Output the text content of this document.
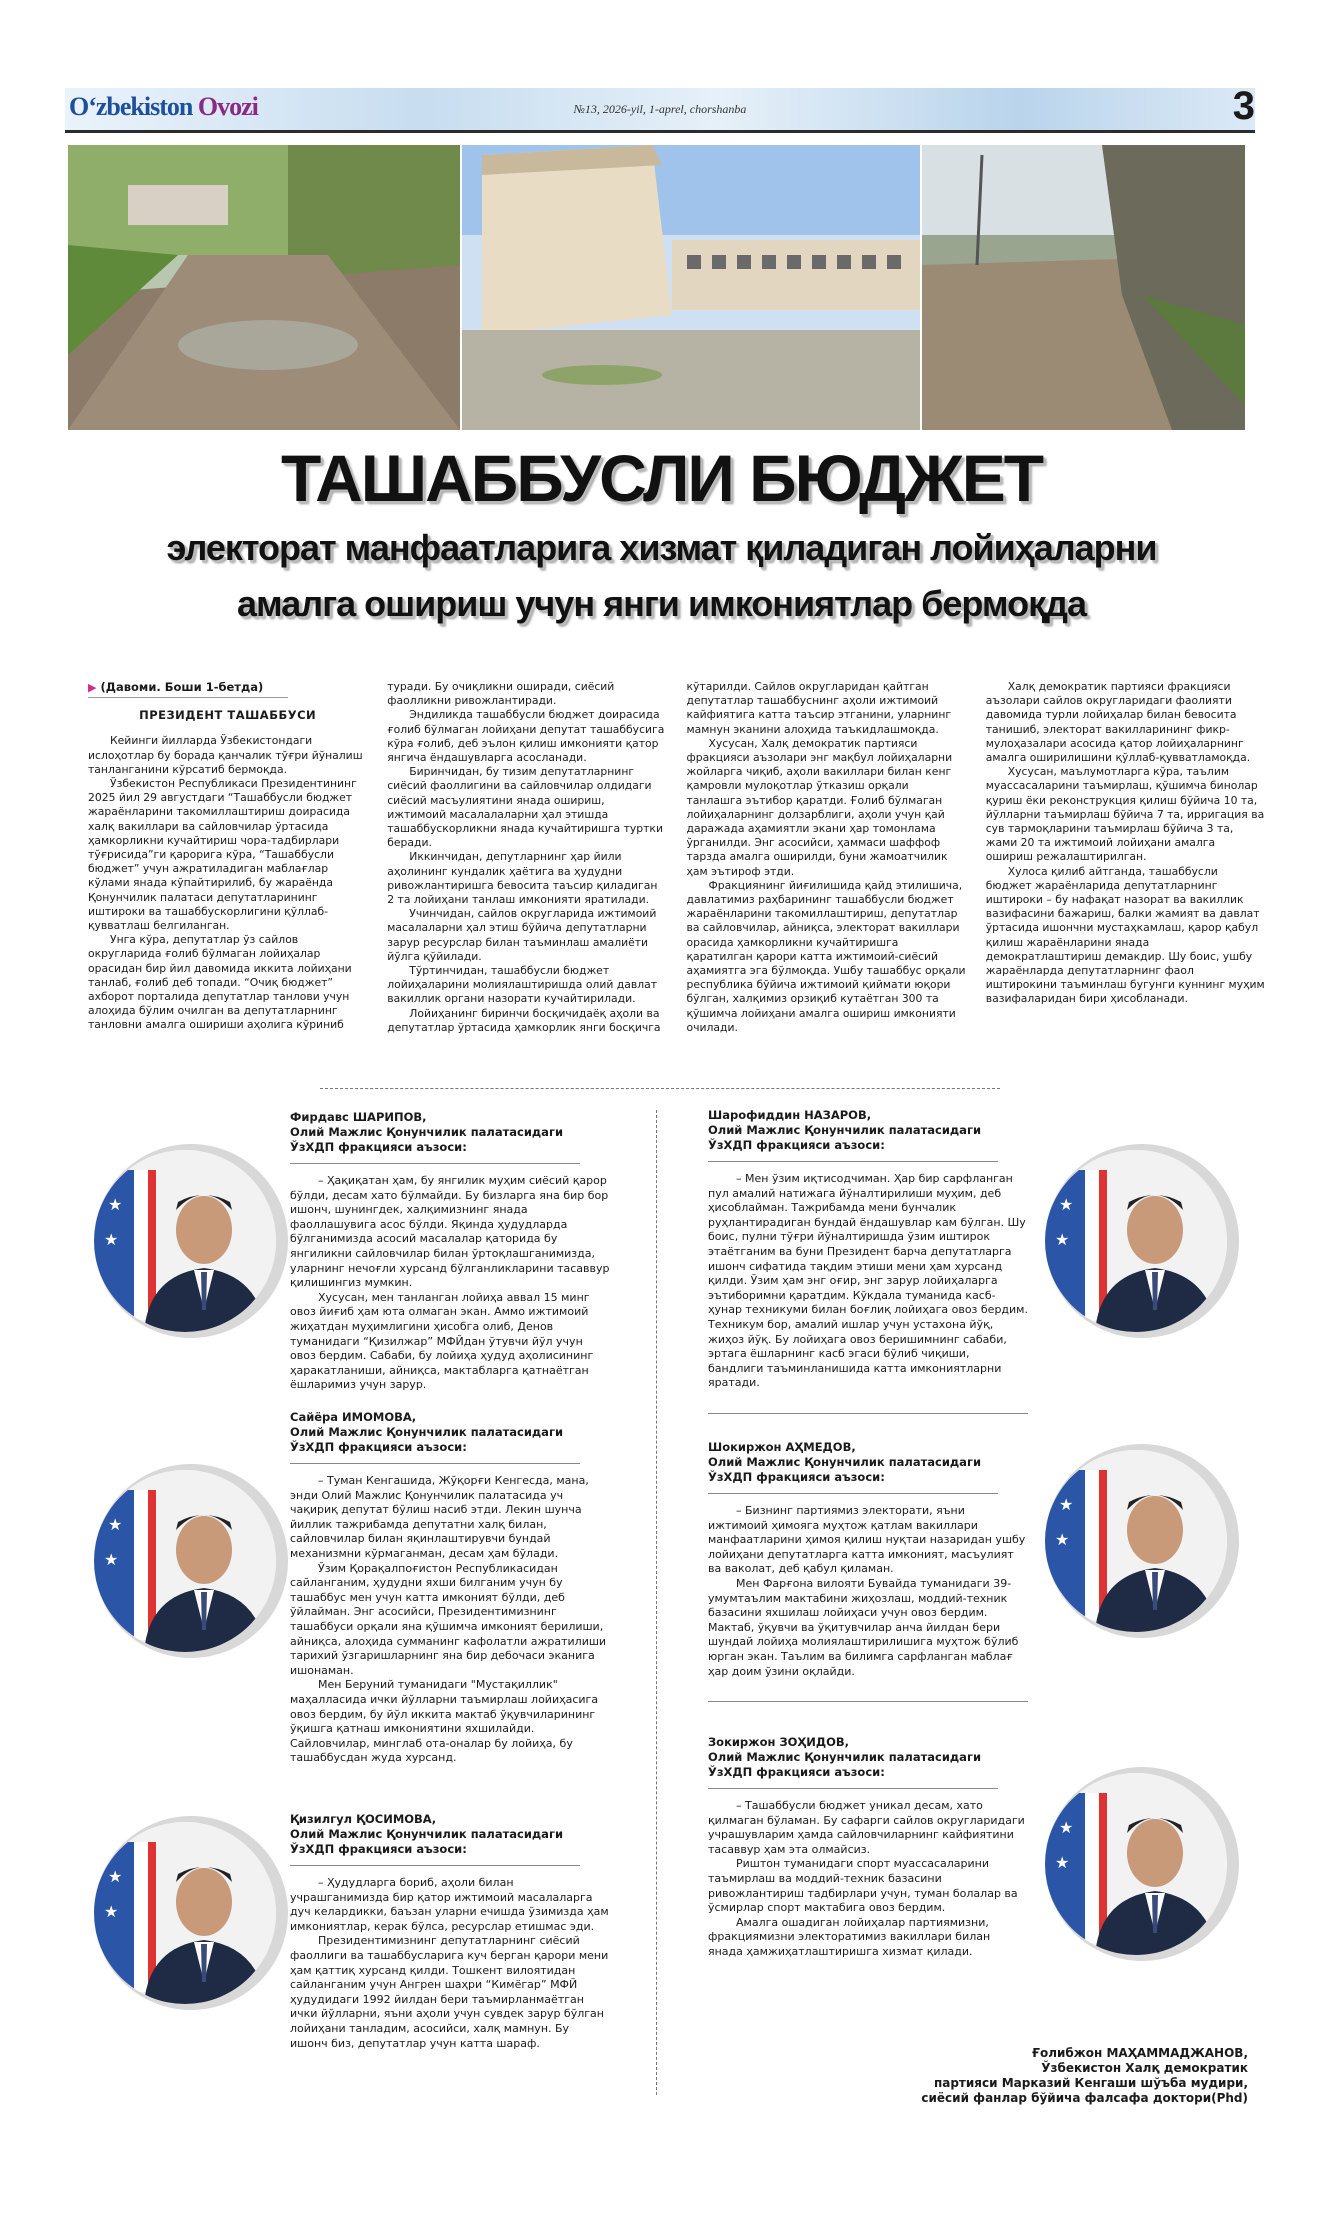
O‘zbekiston Ovozi	№13, 2026-yil, 1-aprel, chorshanba	3
ТАШАББУСЛИ БЮДЖЕТ
электорат манфаатларига хизмат қиладиган лойиҳаларни
амалга ошириш учун янги имкониятлар бермоқда
▶ (Давоми. Боши 1-бетда)
ПРЕЗИДЕНТ ТАШАББУСИ

Кейинги йилларда Ўзбекистондаги ислоҳотлар бу борада қанчалик тўғри йўналиш танланганини кўрсатиб бермоқда.

Ўзбекистон Республикаси Президентининг 2025 йил 29 августдаги “Ташаббусли бюджет жараёнларини такомиллаштириш доирасида халқ вакиллари ва сайловчилар ўртасида ҳамкорликни кучайтириш чора-тадбирлари тўғрисида”ги қарорига кўра, “Ташаббусли бюджет” учун ажратиладиган маблағлар кўлами янада кўпайтирилиб, бу жараёнда Қонунчилик палатаси депутатларининг иштироки ва ташаббускорлигини қўллаб-қувватлаш белгиланган.

Унга кўра, депутатлар ўз сайлов округларида ғолиб бўлмаган лойиҳалар орасидан бир йил давомида иккита лойиҳани танлаб, ғолиб деб топади. “Очиқ бюджет” ахборот порталида депутатлар танлови учун алоҳида бўлим очилган ва депутатларнинг танловни амалга ошириши аҳолига кўриниб туради. Бу очиқликни оширади, сиёсий фаолликни ривожлантиради.

Эндиликда ташаббусли бюджет доирасида ғолиб бўлмаган лойиҳани депутат ташаббусига кўра ғолиб, деб эълон қилиш имконияти қатор янгича ёндашувларга асосланади.

Биринчидан, бу тизим депутатларнинг сиёсий фаоллигини ва сайловчилар олдидаги сиёсий масъулиятини янада ошириш, ижтимоий масалалаларни ҳал этишда ташаббускорликни янада кучайтиришга туртки беради.

Иккинчидан, депутларнинг ҳар йили аҳолининг кундалик ҳаётига ва ҳудудни ривожлантиришга бевосита таъсир қиладиган 2 та лойиҳани танлаш имконияти яратилади.

Учинчидан, сайлов округларида ижтимоий масалаларни ҳал этиш бўйича депутатларни зарур ресурслар билан таъминлаш амалиёти йўлга қўйилади.

Тўртинчидан, ташаббусли бюджет лойиҳаларини молиялаштиришда олий давлат вакиллик органи назорати кучайтирилади.

Лойиҳанинг биринчи босқичидаёқ аҳоли ва депутатлар ўртасида ҳамкорлик янги босқичга кўтарилди. Сайлов округларидан қайтган депутатлар ташаббуснинг аҳоли ижтимоий кайфиятига катта таъсир этганини, уларнинг мамнун эканини алоҳида таъкидлашмоқда.

Хусусан, Халқ демократик партияси фракцияси аъзолари энг мақбул лойиҳаларни жойларга чиқиб, аҳоли вакиллари билан кенг қамровли мулоқотлар ўтказиш орқали танлашга эътибор қаратди. Ғолиб бўлмаган лойиҳаларнинг долзарблиги, аҳоли учун қай даражада аҳамиятли экани ҳар томонлама ўрганилди. Энг асосийси, ҳаммаси шаффоф тарзда амалга оширилди, буни жамоатчилик ҳам эътироф этди.

Фракциянинг йиғилишида қайд этилишича, давлатимиз раҳбарининг ташаббусли бюджет жараёнларини такомиллаштириш, депутатлар ва сайловчилар, айниқса, электорат вакиллари орасида ҳамкорликни кучайтиришга қаратилган қарори катта ижтимоий-сиёсий аҳамиятга эга бўлмоқда. Ушбу ташаббус орқали республика бўйича ижтимоий қиймати юқори бўлган, халқимиз орзиқиб кутаётган 300 та қўшимча лойиҳани амалга ошириш имконияти очилади.

Халқ демократик партияси фракцияси аъзолари сайлов округларидаги фаолияти давомида турли лойиҳалар билан бевосита танишиб, электорат вакилларининг фикр-мулоҳазалари асосида қатор лойиҳаларнинг амалга оширилишини қўллаб-қувватламоқда.

Хусусан, маълумотларга кўра, таълим муассасаларини таъмирлаш, қўшимча бинолар қуриш ёки реконструкция қилиш бўйича 10 та, йўлларни таъмирлаш бўйича 7 та, ирригация ва сув тармоқларини таъмирлаш бўйича 3 та, жами 20 та ижтимоий лойиҳани амалга ошириш режалаштирилган.

Хулоса қилиб айтганда, ташаббусли бюджет жараёнларида депутатларнинг иштироки – бу нафақат назорат ва вакиллик вазифасини бажариш, балки жамият ва давлат ўртасида ишончни мустаҳкамлаш, қарор қабул қилиш жараёнларини янада демократлаштириш демакдир. Шу боис, ушбу жараёнларда депутатларнинг фаол иштирокини таъминлаш бугунги куннинг муҳим вазифаларидан бири ҳисобланади.

Фирдавс ШАРИПОВ,
Олий Мажлис Қонунчилик палатасидаги
ЎзХДП фракцияси аъзоси:

– Ҳақиқатан ҳам, бу янгилик муҳим сиёсий қарор бўлди, десам хато бўлмайди. Бу бизларга яна бир бор ишонч, шунингдек, халқимизнинг янада фаоллашувига асос бўлди. Яқинда ҳудудларда бўлганимизда асосий масалалар қаторида бу янгиликни сайловчилар билан ўртоқлашганимизда, уларнинг нечоғли хурсанд бўлганликларини тасаввур қилишингиз мумкин.

Хусусан, мен танланган лойиҳа аввал 15 минг овоз йиғиб ҳам юта олмаган экан. Аммо ижтимоий жиҳатдан муҳимлигини ҳисобга олиб, Денов туманидаги “Қизилжар” МФЙдан ўтувчи йўл учун овоз бердим. Сабаби, бу лойиҳа ҳудуд аҳолисининг ҳаракатланиши, айниқса, мактабларга қатнаётган ёшларимиз учун зарур.

Сайёра ИМОМОВА,
Олий Мажлис Қонунчилик палатасидаги
ЎзХДП фракцияси аъзоси:

– Туман Кенгашида, Жўқорғи Кенгесда, мана, энди Олий Мажлис Қонунчилик палатасида уч чақириқ депутат бўлиш насиб этди. Лекин шунча йиллик тажрибамда депутатни халқ билан, сайловчилар билан яқинлаштирувчи бундай механизмни кўрмаганман, десам ҳам бўлади.

Ўзим Қорақалпоғистон Республикасидан сайланганим, ҳудудни яхши билганим учун бу ташаббус мен учун катта имконият бўлди, деб ўйлайман. Энг асосийси, Президентимизнинг ташаббуси орқали яна қўшимча имконият берилиши, айниқса, алоҳида сумманинг кафолатли ажратилиши тарихий ўзгаришларнинг яна бир дебочаси эканига ишонаман.

Мен Беруний туманидаги "Мустақиллик" маҳалласида ички йўлларни таъмирлаш лойиҳасига овоз бердим, бу йўл иккита мактаб ўқувчиларининг ўқишга қатнаш имкониятини яхшилайди. Сайловчилар, минглаб ота-оналар бу лойиҳа, бу ташаббусдан жуда хурсанд.

Қизилгул ҚОСИМОВА,
Олий Мажлис Қонунчилик палатасидаги
ЎзХДП фракцияси аъзоси:

– Ҳудудларга бориб, аҳоли билан учрашганимизда бир қатор ижтимоий масалаларга дуч келардикки, баъзан уларни ечишда ўзимизда ҳам имкониятлар, керак бўлса, ресурслар етишмас эди.

Президентимизнинг депутатларнинг сиёсий фаоллиги ва ташаббусларига куч берган қарори мени ҳам қаттиқ хурсанд қилди. Тошкент вилоятидан сайланганим учун Ангрен шаҳри “Кимёгар” МФЙ ҳудудидаги 1992 йилдан бери таъмирланмаётган ички йўлларни, яъни аҳоли учун сувдек зарур бўлган лойиҳани танладим, асосийси, халқ мамнун. Бу ишонч биз, депутатлар учун катта шараф.

Шарофиддин НАЗАРОВ,
Олий Мажлис Қонунчилик палатасидаги
ЎзХДП фракцияси аъзоси:

– Мен ўзим иқтисодчиман. Ҳар бир сарфланган пул амалий натижага йўналтирилиши муҳим, деб ҳисоблайман. Тажрибамда мени бунчалик руҳлантирадиган бундай ёндашувлар кам бўлган. Шу боис, пулни тўғри йўналтиришда ўзим иштирок этаётганим ва буни Президент барча депутатларга ишонч сифатида тақдим этиши мени ҳам хурсанд қилди. Ўзим ҳам энг оғир, энг зарур лойиҳаларга эътиборимни қаратдим. Кўкдала туманида касб-ҳунар техникуми билан боғлиқ лойиҳага овоз бердим. Техникум бор, амалий ишлар учун устахона йўқ, жиҳоз йўқ. Бу лойиҳага овоз беришимнинг сабаби, эртага ёшларнинг касб эгаси бўлиб чиқиши, бандлиги таъминланишида катта имкониятларни яратади.

Шокиржон АҲМЕДОВ,
Олий Мажлис Қонунчилик палатасидаги
ЎзХДП фракцияси аъзоси:

– Бизнинг партиямиз электорати, яъни ижтимоий ҳимояга муҳтож қатлам вакиллари манфаатларини ҳимоя қилиш нуқтаи назаридан ушбу лойиҳани депутатларга катта имконият, масъулият ва ваколат, деб қабул қиламан.

Мен Фарғона вилояти Бувайда туманидаги 39-умумтаълим мактабини жиҳозлаш, моддий-техник базасини яхшилаш лойиҳаси учун овоз бердим. Мактаб, ўқувчи ва ўқитувчилар анча йилдан бери шундай лойиҳа молиялаштирилишига муҳтож бўлиб юрган экан. Таълим ва билимга сарфланган маблағ ҳар доим ўзини оқлайди.

Зокиржон ЗОҲИДОВ,
Олий Мажлис Қонунчилик палатасидаги
ЎзХДП фракцияси аъзоси:

– Ташаббусли бюджет уникал десам, хато қилмаган бўламан. Бу сафарги сайлов округларидаги учрашувларим ҳамда сайловчиларнинг кайфиятини тасаввур ҳам эта олмайсиз.

Риштон туманидаги спорт муассасаларини таъмирлаш ва моддий-техник базасини ривожлантириш тадбирлари учун, туман болалар ва ўсмирлар спорт мактабига овоз бердим.

Амалга ошадиган лойиҳалар партиямизни, фракциямизни электоратимиз вакиллари билан янада ҳамжиҳатлаштиришга хизмат қилади.

Ғолибжон МАҲАММАДЖАНОВ,
Ўзбекистон Халқ демократик
партияси Марказий Кенгаши шўъба мудири,
сиёсий фанлар бўйича фалсафа доктори(Phd)
